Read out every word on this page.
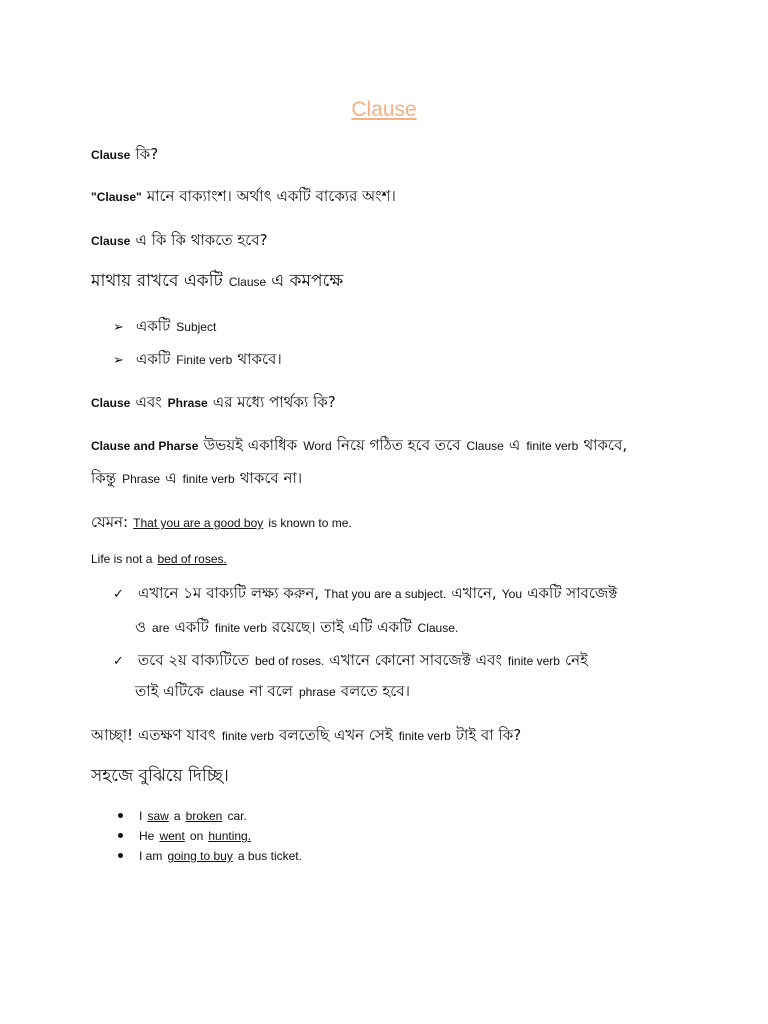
Clause
Clause কি?
"Clause" মানে বাক্যাংশ। অর্থাৎ একটি বাক্যের অংশ।
Clause এ কি কি থাকতে হবে?
মাথায় রাখবে একটি Clause এ কমপক্ষে
➢ একটি Subject
➢ একটি Finite verb থাকবে।
Clause এবং Phrase এর মধ্যে পার্থক্য কি?
Clause and Pharse উভয়ই একাধিক Word নিয়ে গঠিত হবে তবে Clause এ finite verb থাকবে,
কিন্তু Phrase এ finite verb থাকবে না।
যেমন: That you are a good boy is known to me.
Life is not a bed of roses.
✓ এখানে ১ম বাক্যটি লক্ষ্য করুন, That you are a subject. এখানে, You একটি সাবজেক্ট
ও are একটি finite verb রয়েছে। তাই এটি একটি Clause.
✓ তবে ২য় বাক্যটিতে bed of roses. এখানে কোনো সাবজেক্ট এবং finite verb নেই
তাই এটিকে clause না বলে phrase বলতে হবে।
আচ্ছা! এতক্ষণ যাবৎ finite verb বলতেছি এখন সেই finite verb টাই বা কি?
সহজে বুঝিয়ে দিচ্ছি।
I saw a broken car.
He went on hunting.
I am going to buy a bus ticket.
